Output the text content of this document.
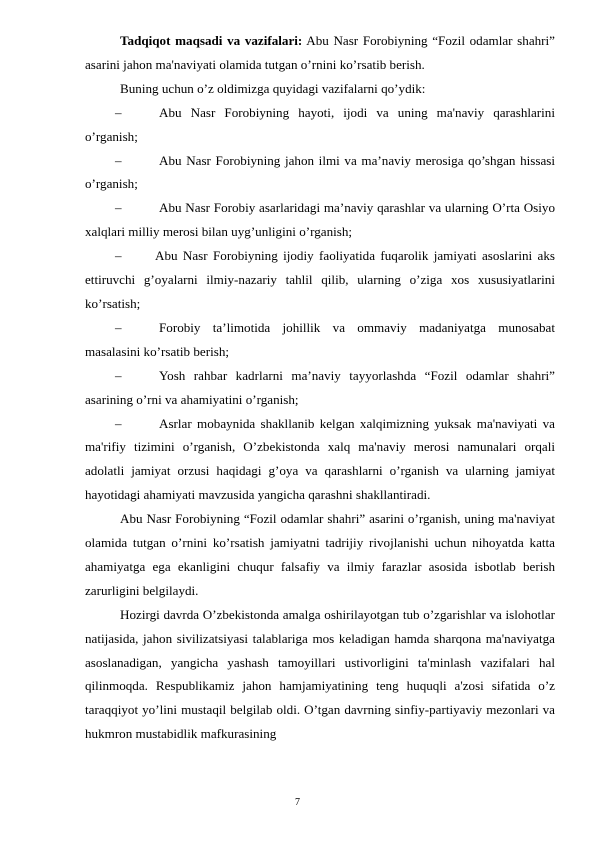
Tadqiqot maqsadi va vazifalari: Abu Nasr Forobiyning “Fozil odamlar shahri” asarini jahon ma'naviyati olamida tutgan o’rnini ko’rsatib berish.

Buning uchun o’z oldimizga quyidagi vazifalarni qo’ydik:

–	Abu Nasr Forobiyning hayoti, ijodi va uning ma'naviy qarashlarini o’rganish;

–	Abu Nasr Forobiyning jahon ilmi va ma’naviy merosiga qo’shgan hissasi o’rganish;

–	Abu Nasr Forobiy asarlaridagi ma’naviy qarashlar va ularning O’rta Osiyo xalqlari milliy merosi bilan uyg’unligini o’rganish;

–	Abu Nasr Forobiyning ijodiy faoliyatida fuqarolik jamiyati asoslarini aks ettiruvchi g’oyalarni ilmiy-nazariy tahlil qilib, ularning o’ziga xos xususiyatlarini ko’rsatish;

–	Forobiy ta’limotida johillik va ommaviy madaniyatga munosabat masalasini ko’rsatib berish;

–	Yosh rahbar kadrlarni ma’naviy tayyorlashda “Fozil odamlar shahri” asarining o’rni va ahamiyatini o’rganish;

–	Asrlar mobaynida shakllanib kelgan xalqimizning yuksak ma'naviyati va ma'rifiy tizimini o’rganish, O’zbekistonda xalq ma'naviy merosi namunalari orqali adolatli jamiyat orzusi haqidagi g’oya va qarashlarni o’rganish va ularning jamiyat hayotidagi ahamiyati mavzusida yangicha qarashni shakllantiradi.

Abu Nasr Forobiyning “Fozil odamlar shahri” asarini o’rganish, uning ma'naviyat olamida tutgan o’rnini ko’rsatish jamiyatni tadrijiy rivojlanishi uchun nihoyatda katta ahamiyatga ega ekanligini chuqur falsafiy va ilmiy farazlar asosida isbotlab berish zarurligini belgilaydi.

Hozirgi davrda O’zbekistonda amalga oshirilayotgan tub o’zgarishlar va islohotlar natijasida, jahon sivilizatsiyasi talablariga mos keladigan hamda sharqona ma'naviyatga asoslanadigan, yangicha yashash tamoyillari ustivorligini ta'minlash vazifalari hal qilinmoqda. Respublikamiz jahon hamjamiyatining teng huquqli a'zosi sifatida o’z taraqqiyot yo’lini mustaqil belgilab oldi. O’tgan davrning sinfiy-partiyaviy mezonlari va hukmron mustabidlik mafkurasining

7
